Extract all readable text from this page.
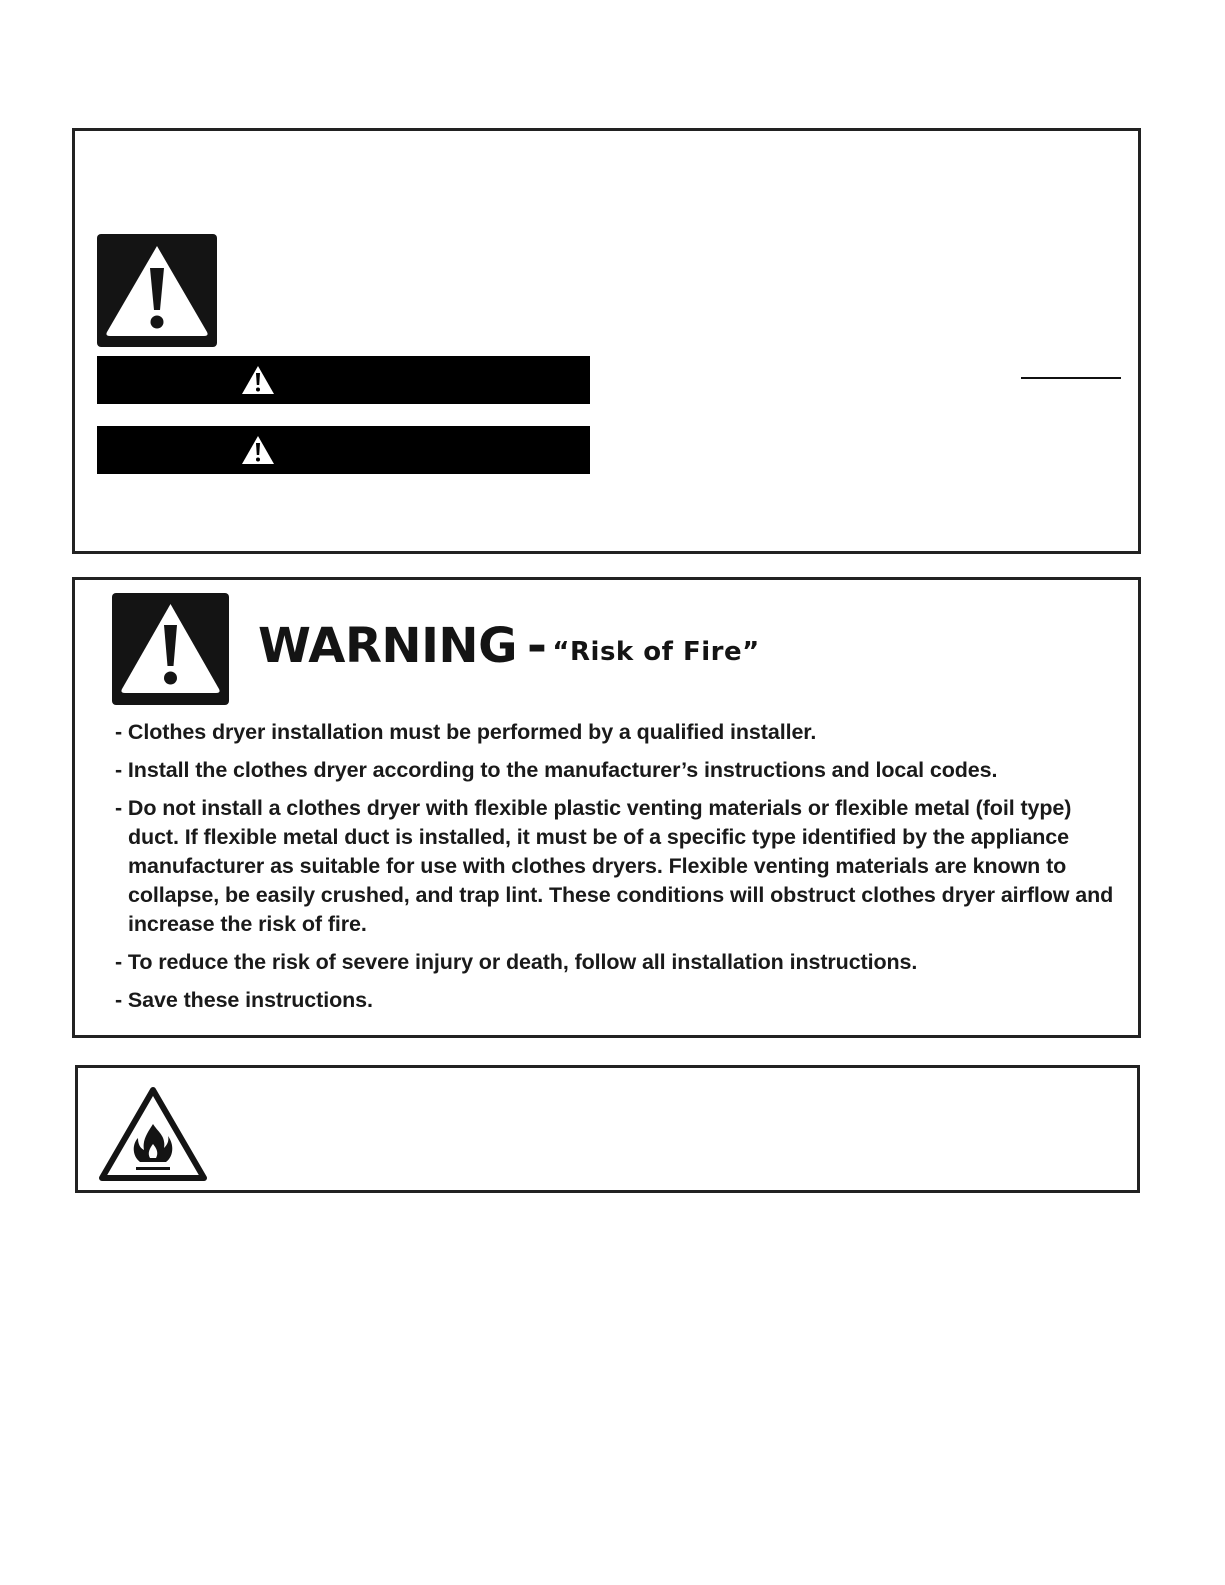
WARNING - “Risk of Fire”
- Clothes dryer installation must be performed by a qualified installer.
- Install the clothes dryer according to the manufacturer’s instructions and local codes.
- Do not install a clothes dryer with flexible plastic venting materials or flexible metal (foil type) duct. If flexible metal duct is installed, it must be of a specific type identified by the appliance manufacturer as suitable for use with clothes dryers. Flexible venting materials are known to collapse, be easily crushed, and trap lint. These conditions will obstruct clothes dryer airflow and increase the risk of fire.
- To reduce the risk of severe injury or death, follow all installation instructions.
- Save these instructions.
